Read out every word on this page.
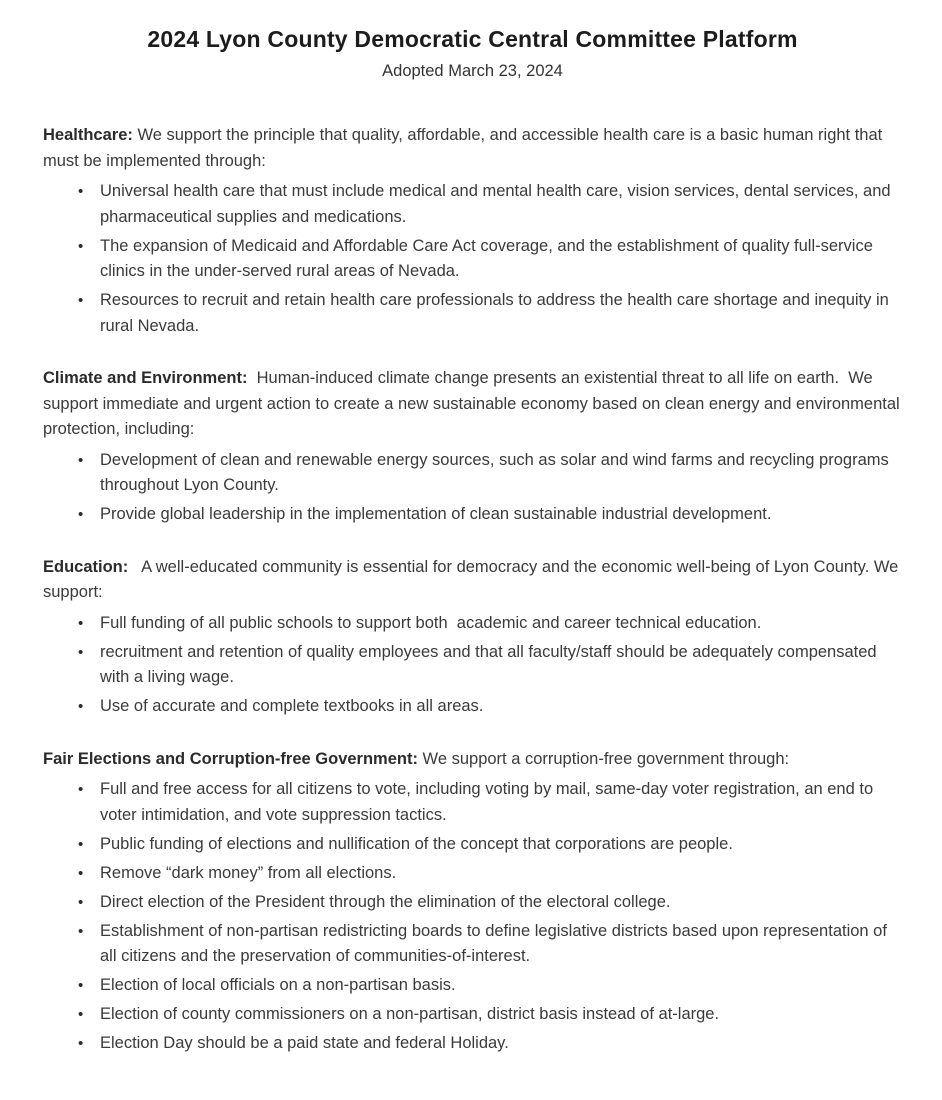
2024 Lyon County Democratic Central Committee Platform

Adopted March 23, 2024

Healthcare: We support the principle that quality, affordable, and accessible health care is a basic human right that must be implemented through:

• Universal health care that must include medical and mental health care, vision services, dental services, and pharmaceutical supplies and medications.
• The expansion of Medicaid and Affordable Care Act coverage, and the establishment of quality full-service clinics in the under-served rural areas of Nevada.
• Resources to recruit and retain health care professionals to address the health care shortage and inequity in rural Nevada.

Climate and Environment:  Human-induced climate change presents an existential threat to all life on earth.  We support immediate and urgent action to create a new sustainable economy based on clean energy and environmental protection, including:

• Development of clean and renewable energy sources, such as solar and wind farms and recycling programs throughout Lyon County.
• Provide global leadership in the implementation of clean sustainable industrial development.

Education:   A well-educated community is essential for democracy and the economic well-being of Lyon County. We support:

• Full funding of all public schools to support both  academic and career technical education.
• recruitment and retention of quality employees and that all faculty/staff should be adequately compensated with a living wage.
• Use of accurate and complete textbooks in all areas.

Fair Elections and Corruption-free Government: We support a corruption-free government through:

• Full and free access for all citizens to vote, including voting by mail, same-day voter registration, an end to voter intimidation, and vote suppression tactics.
• Public funding of elections and nullification of the concept that corporations are people.
• Remove “dark money” from all elections.
• Direct election of the President through the elimination of the electoral college.
• Establishment of non-partisan redistricting boards to define legislative districts based upon representation of all citizens and the preservation of communities-of-interest.
• Election of local officials on a non-partisan basis.
• Election of county commissioners on a non-partisan, district basis instead of at-large.
• Election Day should be a paid state and federal Holiday.
